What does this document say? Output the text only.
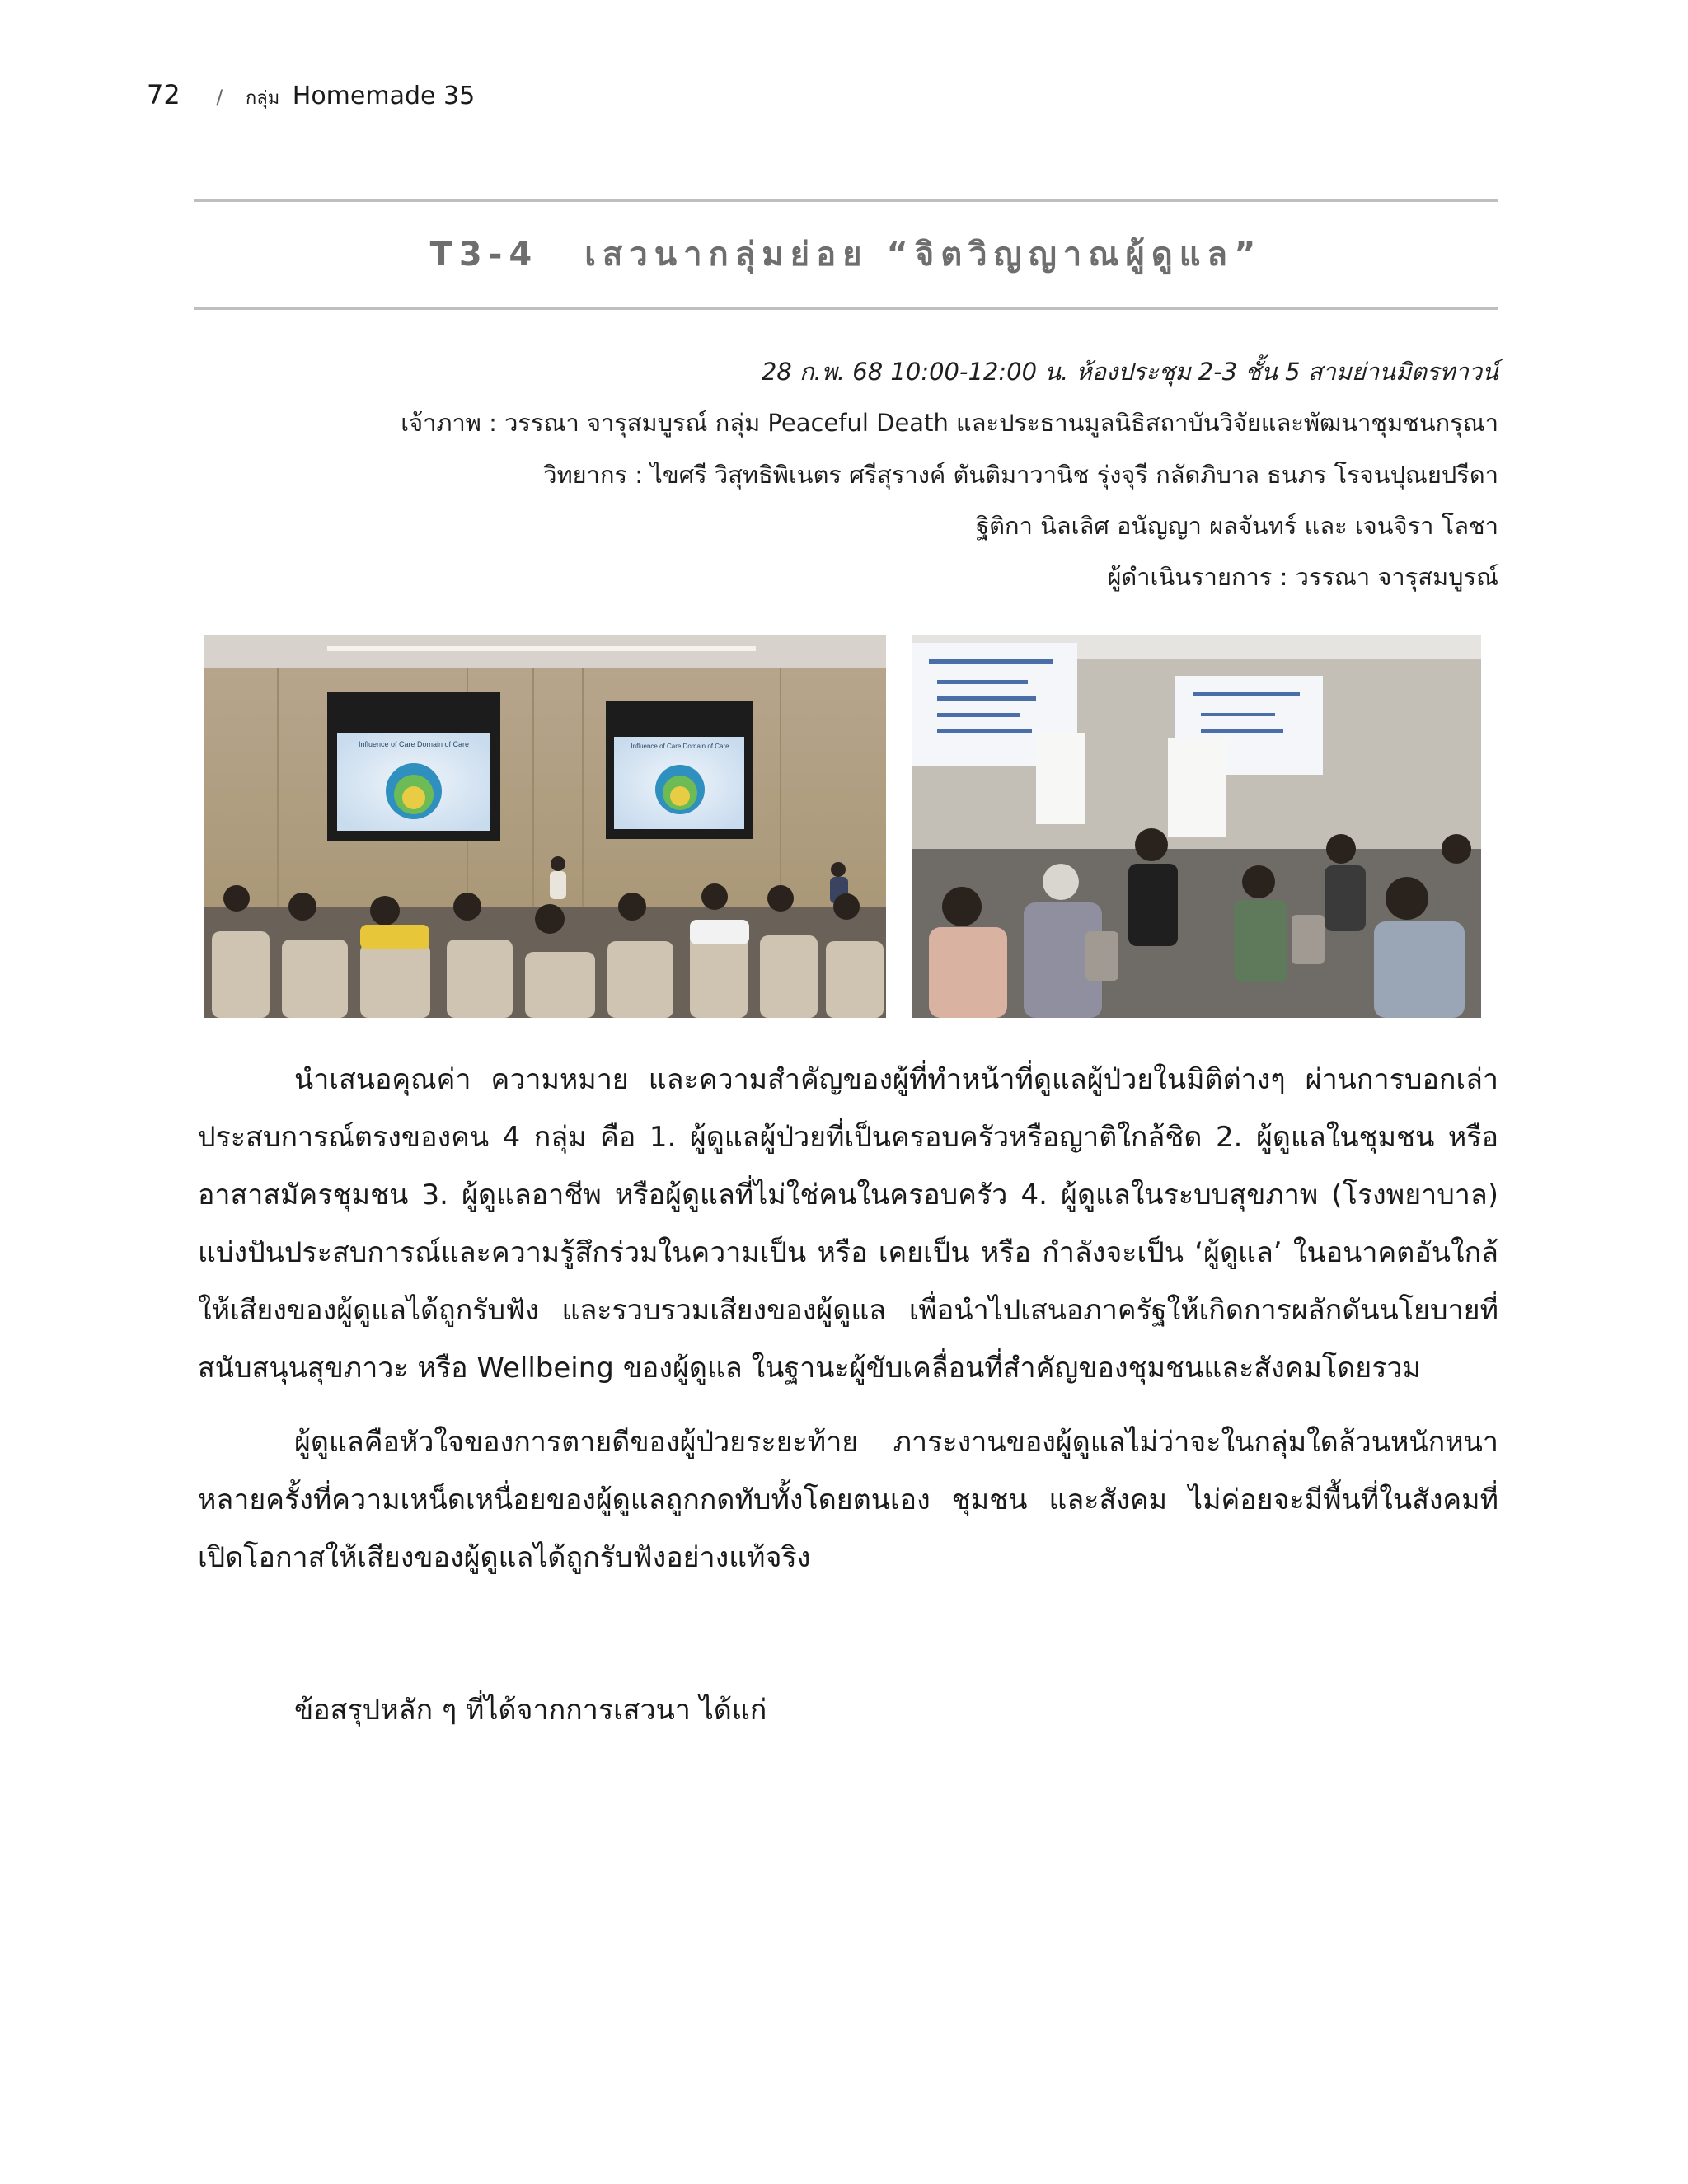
72 / กลุ่ม Homemade 35
T3-4 เสวนากลุ่มย่อย “จิตวิญญาณผู้ดูแล”
28 ก.พ. 68 10:00-12:00 น. ห้องประชุม 2-3 ชั้น 5 สามย่านมิตรทาวน์
เจ้าภาพ : วรรณา จารุสมบูรณ์ กลุ่ม Peaceful Death และประธานมูลนิธิสถาบันวิจัยและพัฒนาชุมชนกรุณา
วิทยากร : ไขศรี วิสุทธิพิเนตร ศรีสุรางค์ ตันติมาวานิช รุ่งจุรี กลัดภิบาล ธนภร โรจนปุณยปรีดา
ฐิติกา นิลเลิศ อนัญญา ผลจันทร์ และ เจนจิรา โลชา
ผู้ดำเนินรายการ : วรรณา จารุสมบูรณ์
Influence of Care Domain of Care	Influence of Care Domain of Care
นำเสนอคุณค่า ความหมาย และความสำคัญของผู้ที่ทำหน้าที่ดูแลผู้ป่วยในมิติต่างๆ ผ่านการบอกเล่าประสบการณ์ตรงของคน 4 กลุ่ม คือ 1. ผู้ดูแลผู้ป่วยที่เป็นครอบครัวหรือญาติใกล้ชิด 2. ผู้ดูแลในชุมชน หรืออาสาสมัครชุมชน 3. ผู้ดูแลอาชีพ หรือผู้ดูแลที่ไม่ใช่คนในครอบครัว 4. ผู้ดูแลในระบบสุขภาพ (โรงพยาบาล) แบ่งปันประสบการณ์และความรู้สึกร่วมในความเป็น หรือ เคยเป็น หรือ กำลังจะเป็น ‘ผู้ดูแล’ ในอนาคตอันใกล้ ให้เสียงของผู้ดูแลได้ถูกรับฟัง และรวบรวมเสียงของผู้ดูแล เพื่อนำไปเสนอภาครัฐให้เกิดการผลักดันนโยบายที่สนับสนุนสุขภาวะ หรือ Wellbeing ของผู้ดูแล ในฐานะผู้ขับเคลื่อนที่สำคัญของชุมชนและสังคมโดยรวม
ผู้ดูแลคือหัวใจของการตายดีของผู้ป่วยระยะท้าย ภาระงานของผู้ดูแลไม่ว่าจะในกลุ่มใดล้วนหนักหนา หลายครั้งที่ความเหน็ดเหนื่อยของผู้ดูแลถูกกดทับทั้งโดยตนเอง ชุมชน และสังคม ไม่ค่อยจะมีพื้นที่ในสังคมที่เปิดโอกาสให้เสียงของผู้ดูแลได้ถูกรับฟังอย่างแท้จริง
ข้อสรุปหลัก ๆ ที่ได้จากการเสวนา ได้แก่
